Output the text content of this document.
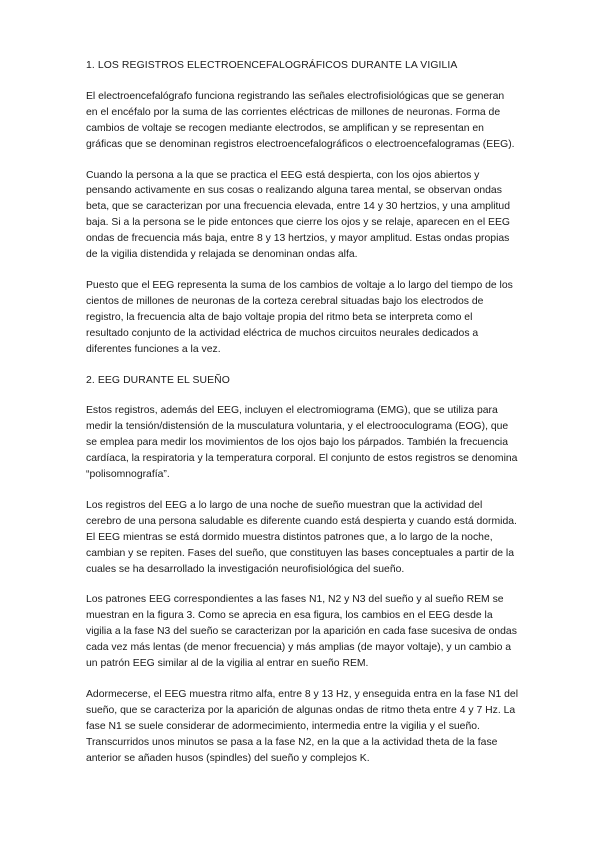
1. LOS REGISTROS ELECTROENCEFALOGRÁFICOS DURANTE LA VIGILIA

El electroencefalógrafo funciona registrando las señales electrofisiológicas que se generan en el encéfalo por la suma de las corrientes eléctricas de millones de neuronas. Forma de cambios de voltaje se recogen mediante electrodos, se amplifican y se representan en gráficas que se denominan registros electroencefalográficos o electroencefalogramas (EEG).

Cuando la persona a la que se practica el EEG está despierta, con los ojos abiertos y pensando activamente en sus cosas o realizando alguna tarea mental, se observan ondas beta, que se caracterizan por una frecuencia elevada, entre 14 y 30 hertzios, y una amplitud baja. Si a la persona se le pide entonces que cierre los ojos y se relaje, aparecen en el EEG ondas de frecuencia más baja, entre 8 y 13 hertzios, y mayor amplitud. Estas ondas propias de la vigilia distendida y relajada se denominan ondas alfa.

Puesto que el EEG representa la suma de los cambios de voltaje a lo largo del tiempo de los cientos de millones de neuronas de la corteza cerebral situadas bajo los electrodos de registro, la frecuencia alta de bajo voltaje propia del ritmo beta se interpreta como el resultado conjunto de la actividad eléctrica de muchos circuitos neurales dedicados a diferentes funciones a la vez.

2. EEG DURANTE EL SUEÑO

Estos registros, además del EEG, incluyen el electromiograma (EMG), que se utiliza para medir la tensión/distensión de la musculatura voluntaria, y el electrooculograma (EOG), que se emplea para medir los movimientos de los ojos bajo los párpados. También la frecuencia cardíaca, la respiratoria y la temperatura corporal. El conjunto de estos registros se denomina “polisomnografía”.

Los registros del EEG a lo largo de una noche de sueño muestran que la actividad del cerebro de una persona saludable es diferente cuando está despierta y cuando está dormida. El EEG mientras se está dormido muestra distintos patrones que, a lo largo de la noche, cambian y se repiten. Fases del sueño, que constituyen las bases conceptuales a partir de la cuales se ha desarrollado la investigación neurofisiológica del sueño.

Los patrones EEG correspondientes a las fases N1, N2 y N3 del sueño y al sueño REM se muestran en la figura 3. Como se aprecia en esa figura, los cambios en el EEG desde la vigilia a la fase N3 del sueño se caracterizan por la aparición en cada fase sucesiva de ondas cada vez más lentas (de menor frecuencia) y más amplias (de mayor voltaje), y un cambio a un patrón EEG similar al de la vigilia al entrar en sueño REM.

Adormecerse, el EEG muestra ritmo alfa, entre 8 y 13 Hz, y enseguida entra en la fase N1 del sueño, que se caracteriza por la aparición de algunas ondas de ritmo theta entre 4 y 7 Hz. La fase N1 se suele considerar de adormecimiento, intermedia entre la vigilia y el sueño. Transcurridos unos minutos se pasa a la fase N2, en la que a la actividad theta de la fase anterior se añaden husos (spindles) del sueño y complejos K.
